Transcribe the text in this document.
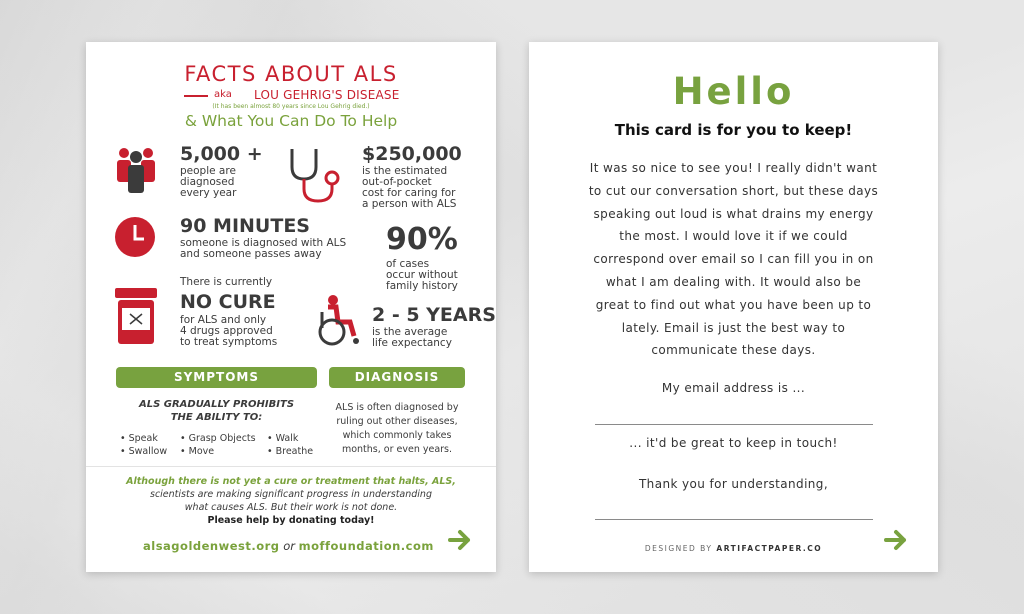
FACTS ABOUT ALS
aka LOU GEHRIG'S DISEASE
(It has been almost 80 years since Lou Gehrig died.)
& What You Can Do To Help
5,000 +
people are
diagnosed
every year
$250,000
is the estimated
out-of-pocket
cost for caring for
a person with ALS
90 MINUTES
someone is diagnosed with ALS
and someone passes away	90%
of cases
occur without
family history
There is currently
NO CURE
for ALS and only
4 drugs approved
to treat symptoms
2 - 5 YEARS
is the average
life expectancy
SYMPTOMS	DIAGNOSIS
ALS GRADUALLY PROHIBITS
THE ABILITY TO:
• Speak
• Swallow
• Grasp Objects
• Move
• Walk
• Breathe
ALS is often diagnosed by
ruling out other diseases,
which commonly takes
months, or even years.
Although there is not yet a cure or treatment that halts, ALS,
scientists are making significant progress in understanding
what causes ALS. But their work is not done.
Please help by donating today!
alsagoldenwest.org or moffoundation.com
Hello
This card is for you to keep!
It was so nice to see you! I really didn't want
to cut our conversation short, but these days
speaking out loud is what drains my energy
the most. I would love it if we could
correspond over email so I can fill you in on
what I am dealing with. It would also be
great to find out what you have been up to
lately. Email is just the best way to
communicate these days.
My email address is ...
... it'd be great to keep in touch!
Thank you for understanding,
DESIGNED BY ARTIFACTPAPER.CO
